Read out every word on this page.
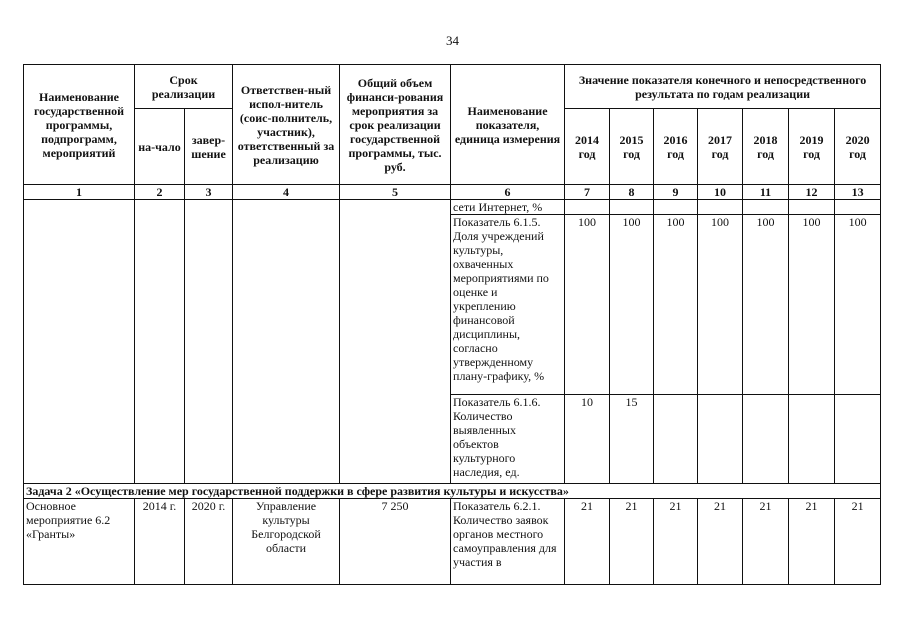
34
Наименование государственной программы, подпрограмм, мероприятий	Срок реализации		Ответствен-ный испол-нитель (соис-полнитель, участник), ответственный за реализацию	Общий объем финанси-рования мероприятия за срок реализации государственной программы, тыс. руб.	Наименование показателя, единица измерения	Значение показателя конечного и непосредственного результата по годам реализации						
	на-чало	завер-шение				2014 год	2015 год	2016 год	2017 год	2018 год	2019 год	2020 год
1	2	3	4	5	6	7	8	9	10	11	12	13
					сети Интернет, %							
					Показатель 6.1.5. Доля учреждений культуры, охваченных мероприятиями по оценке и укреплению финансовой дисциплины, согласно утвержденному плану-графику, %	100	100	100	100	100	100	100
					Показатель 6.1.6. Количество выявленных объектов культурного наследия, ед.	10	15					
Задача 2 «Осуществление мер государственной поддержки в сфере развития культуры и искусства»												
Основное мероприятие 6.2 «Гранты»	2014 г.	2020 г.	Управление культуры Белгородской области	7 250	Показатель 6.2.1. Количество заявок органов местного самоуправления для участия в	21	21	21	21	21	21	21
